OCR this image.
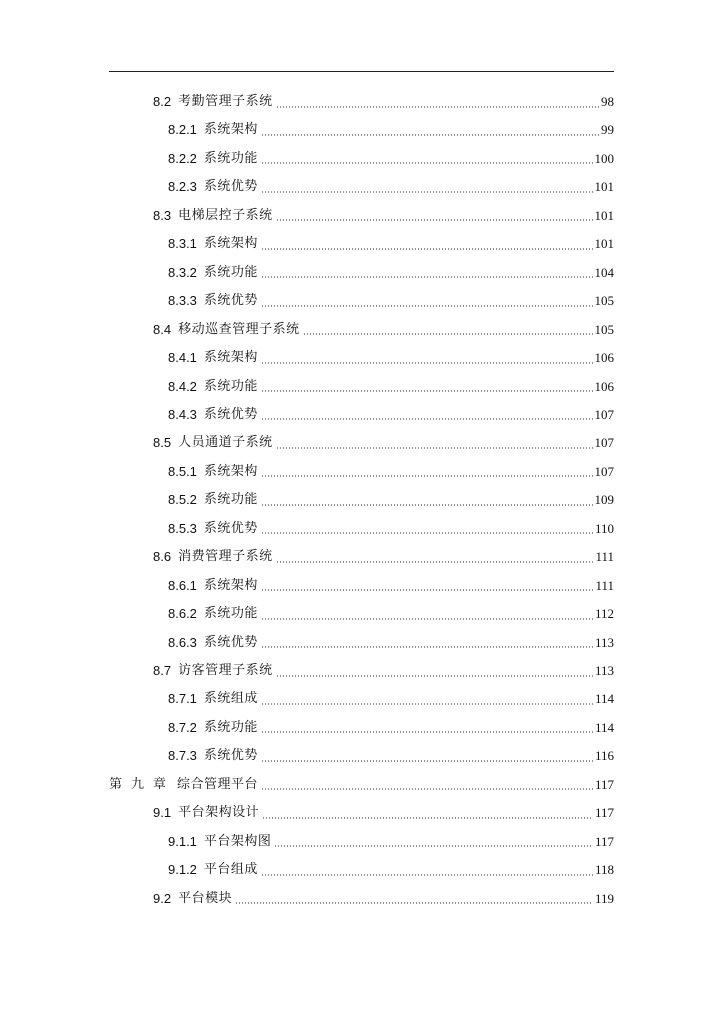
8.2 考勤管理子系统	98
8.2.1 系统架构	99
8.2.2 系统功能	100
8.2.3 系统优势	101
8.3 电梯层控子系统	101
8.3.1 系统架构	101
8.3.2 系统功能	104
8.3.3 系统优势	105
8.4 移动巡查管理子系统	105
8.4.1 系统架构	106
8.4.2 系统功能	106
8.4.3 系统优势	107
8.5 人员通道子系统	107
8.5.1 系统架构	107
8.5.2 系统功能	109
8.5.3 系统优势	110
8.6 消费管理子系统	111
8.6.1 系统架构	111
8.6.2 系统功能	112
8.6.3 系统优势	113
8.7 访客管理子系统	113
8.7.1 系统组成	114
8.7.2 系统功能	114
8.7.3 系统优势	116
第九章 综合管理平台	117
9.1 平台架构设计	117
9.1.1 平台架构图	117
9.1.2 平台组成	118
9.2 平台模块	119
